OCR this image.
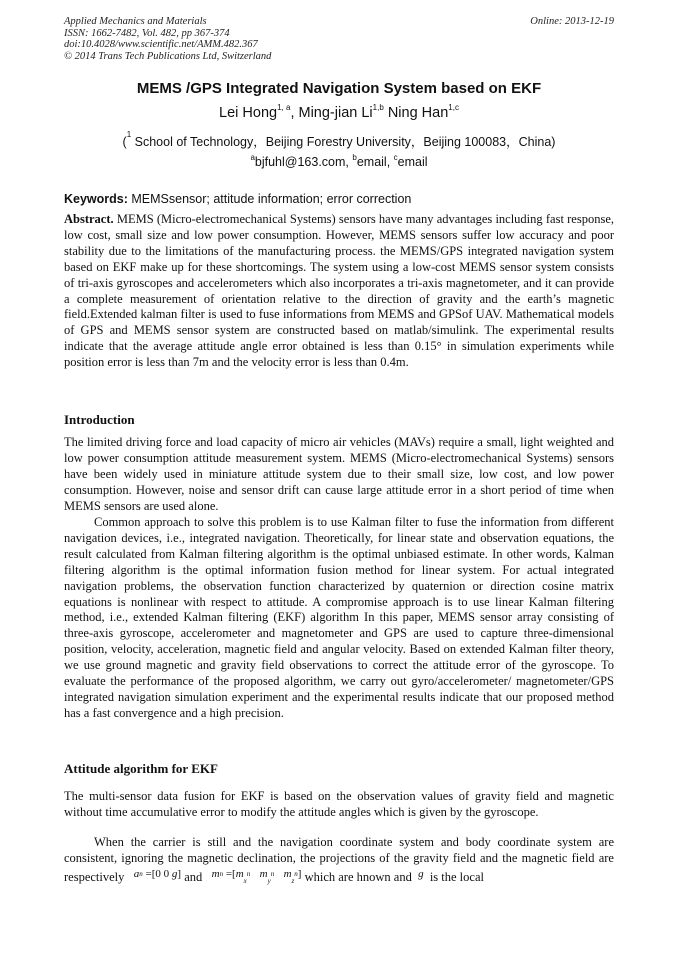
Applied Mechanics and Materials
ISSN: 1662-7482, Vol. 482, pp 367-374
doi:10.4028/www.scientific.net/AMM.482.367
© 2014 Trans Tech Publications Ltd, Switzerland
Online: 2013-12-19
MEMS /GPS Integrated Navigation System based on EKF
Lei Hong$^{1, a}$, Ming-jian Li$^{1,b}$ Ning Han$^{1,c}$
($^1$ School of Technology，Beijing Forestry University，Beijing 100083，China)
$^a$bjfuhl@163.com, $^b$email, $^c$email
Keywords: MEMSsensor; attitude information; error correction

Abstract. MEMS (Micro-electromechanical Systems) sensors have many advantages including fast response, low cost, small size and low power consumption. However, MEMS sensors suffer low accuracy and poor stability due to the limitations of the manufacturing process. the MEMS/GPS integrated navigation system based on EKF make up for these shortcomings. The system using a low-cost MEMS sensor system consists of tri-axis gyroscopes and accelerometers which also incorporates a tri-axis magnetometer, and it can provide a complete measurement of orientation relative to the direction of gravity and the earth’s magnetic field.Extended kalman filter is used to fuse informations from MEMS and GPSof UAV. Mathematical models of GPS and MEMS sensor system are constructed based on matlab/simulink. The experimental results indicate that the average attitude angle error obtained is less than 0.15° in simulation experiments while position error is less than 7m and the velocity error is less than 0.4m.

Introduction

The limited driving force and load capacity of micro air vehicles (MAVs) require a small, light weighted and low power consumption attitude measurement system. MEMS (Micro-electromechanical Systems) sensors have been widely used in miniature attitude system due to their small size, low cost, and low power consumption. However, noise and sensor drift can cause large attitude error in a short period of time when MEMS sensors are used alone.

Common approach to solve this problem is to use Kalman filter to fuse the information from different navigation devices, i.e., integrated navigation. Theoretically, for linear state and observation equations, the result calculated from Kalman filtering algorithm is the optimal unbiased estimate. In other words, Kalman filtering algorithm is the optimal information fusion method for linear system. For actual integrated navigation problems, the observation function characterized by quaternion or direction cosine matrix equations is nonlinear with respect to attitude. A compromise approach is to use linear Kalman filtering method, i.e., extended Kalman filtering (EKF) algorithm In this paper, MEMS sensor array consisting of three-axis gyroscope, accelerometer and magnetometer and GPS are used to capture three-dimensional position, velocity, acceleration, magnetic field and angular velocity. Based on extended Kalman filter theory, we use ground magnetic and gravity field observations to correct the attitude error of the gyroscope. To evaluate the performance of the proposed algorithm, we carry out gyro/accelerometer/ magnetometer/GPS integrated navigation simulation experiment and the experimental results indicate that our proposed method has a fast convergence and a high precision.

Attitude algorithm for EKF

The multi-sensor data fusion for EKF is based on the observation values of gravity field and magnetic without time accumulative error to modify the attitude angles which is given by the gyroscope.

When the carrier is still and the navigation coordinate system and body coordinate system are consistent, ignoring the magnetic declination, the projections of the gravity field and the magnetic field are respectively $a^n =[0$ 0 g] and $m^n =[mx^n$ $my^n$ $mz^n$] which are hnown and g is the local
